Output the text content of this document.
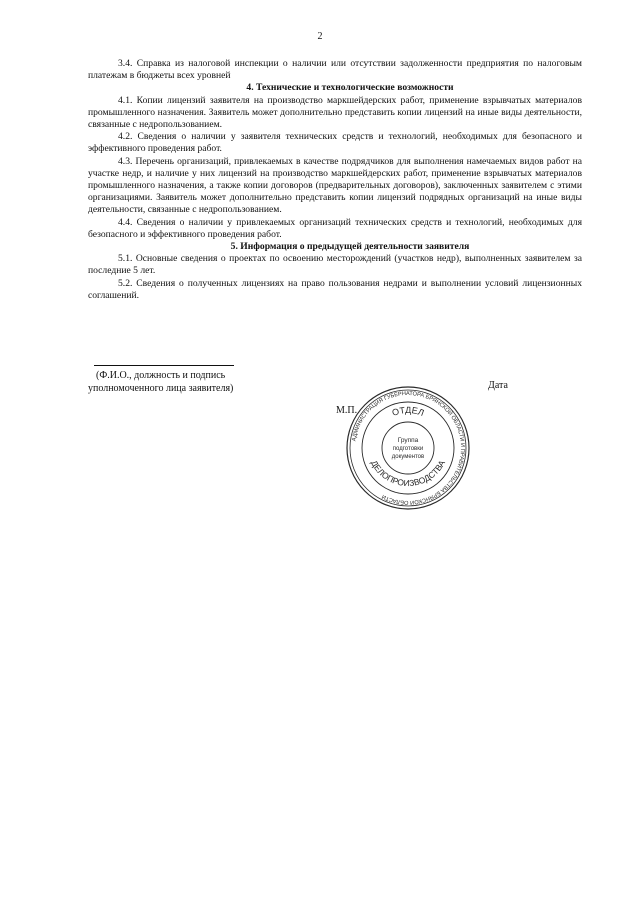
2

3.4. Справка из налоговой инспекции о наличии или отсутствии задолженности предприятия по налоговым платежам в бюджеты всех уровней

4. Технические и технологические возможности

4.1. Копии лицензий заявителя на производство маркшейдерских работ, применение взрывчатых материалов промышленного назначения. Заявитель может дополнительно представить копии лицензий на иные виды деятельности, связанные с недропользованием.

4.2. Сведения о наличии у заявителя технических средств и технологий, необходимых для безопасного и эффективного проведения работ.

4.3. Перечень организаций, привлекаемых в качестве подрядчиков для выполнения намечаемых видов работ на участке недр, и наличие у них лицензий на производство маркшейдерских работ, применение взрывчатых материалов промышленного назначения, а также копии договоров (предварительных договоров), заключенных заявителем с этими организациями. Заявитель может дополнительно представить копии лицензий подрядных организаций на иные виды деятельности, связанные с недропользованием.

4.4. Сведения о наличии у привлекаемых организаций технических средств и технологий, необходимых для безопасного и эффективного проведения работ.

5. Информация о предыдущей деятельности заявителя

5.1. Основные сведения о проектах по освоению месторождений (участков недр), выполненных заявителем за последние 5 лет.

5.2. Сведения о полученных лицензиях на право пользования недрами и выполнении условий лицензионных соглашений.

(Ф.И.О., должность и подпись
уполномоченного лица заявителя)	Дата
М.П.
АДМИНИСТРАЦИЯ ГУБЕРНАТОРА БРЯНСКОЙ ОБЛАСТИ И ПРАВИТЕЛЬСТВА БРЯНСКОЙ ОБЛАСТИ
ОТДЕЛ
ДЕЛОПРОИЗВОДСТВА
Группа
подготовки
документов
